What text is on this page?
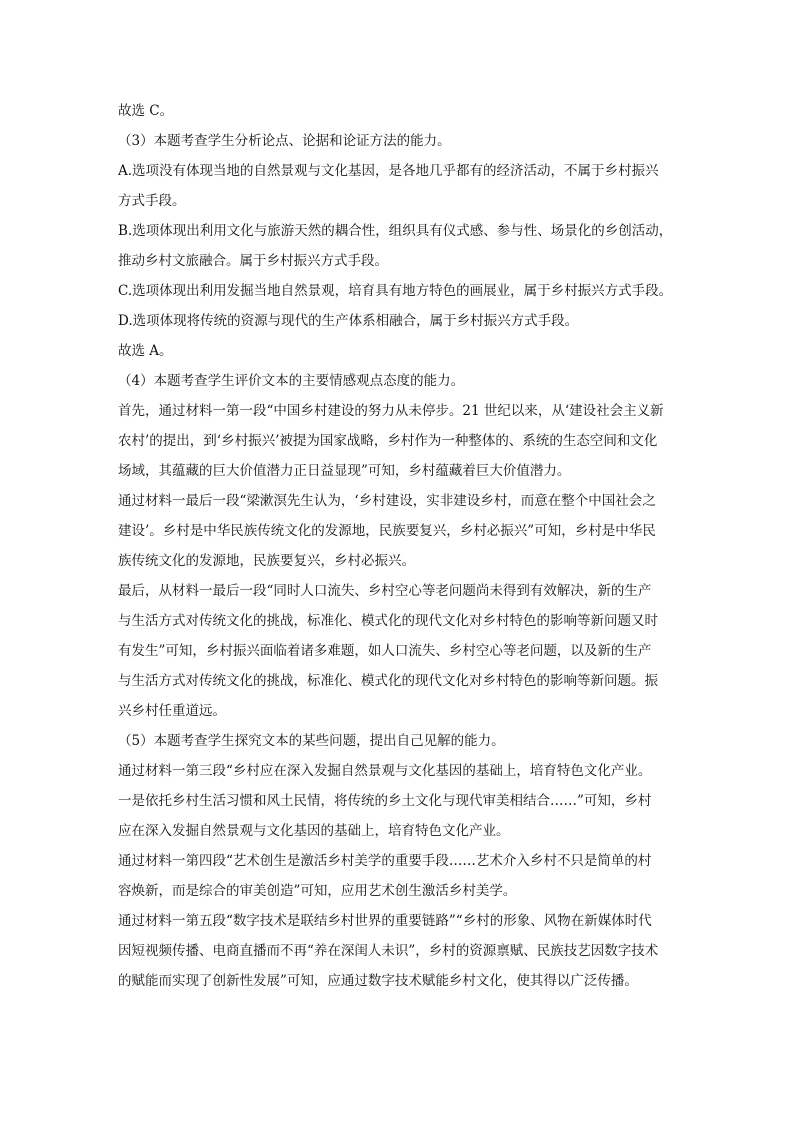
故选 C。
（3）本题考查学生分析论点、论据和论证方法的能力。
A.选项没有体现当地的自然景观与文化基因，是各地几乎都有的经济活动，不属于乡村振兴
方式手段。
B.选项体现出利用文化与旅游天然的耦合性，组织具有仪式感、参与性、场景化的乡创活动，
推动乡村文旅融合。属于乡村振兴方式手段。
C.选项体现出利用发掘当地自然景观，培育具有地方特色的画展业，属于乡村振兴方式手段。
D.选项体现将传统的资源与现代的生产体系相融合，属于乡村振兴方式手段。
故选 A。
（4）本题考查学生评价文本的主要情感观点态度的能力。
首先，通过材料一第一段“中国乡村建设的努力从未停步。21 世纪以来，从‘建设社会主义新
农村’的提出，到‘乡村振兴’被提为国家战略，乡村作为一种整体的、系统的生态空间和文化
场域，其蕴藏的巨大价值潜力正日益显现”可知，乡村蕴藏着巨大价值潜力。
通过材料一最后一段“梁漱溟先生认为，‘乡村建设，实非建设乡村，而意在整个中国社会之
建设’。乡村是中华民族传统文化的发源地，民族要复兴，乡村必振兴”可知，乡村是中华民
族传统文化的发源地，民族要复兴，乡村必振兴。
最后，从材料一最后一段“同时人口流失、乡村空心等老问题尚未得到有效解决，新的生产
与生活方式对传统文化的挑战，标准化、模式化的现代文化对乡村特色的影响等新问题又时
有发生”可知，乡村振兴面临着诸多难题，如人口流失、乡村空心等老问题，以及新的生产
与生活方式对传统文化的挑战，标准化、模式化的现代文化对乡村特色的影响等新问题。振
兴乡村任重道远。
（5）本题考查学生探究文本的某些问题，提出自己见解的能力。
通过材料一第三段“乡村应在深入发掘自然景观与文化基因的基础上，培育特色文化产业。
一是依托乡村生活习惯和风土民情，将传统的乡土文化与现代审美相结合……”可知，乡村
应在深入发掘自然景观与文化基因的基础上，培育特色文化产业。
通过材料一第四段“艺术创生是激活乡村美学的重要手段……艺术介入乡村不只是简单的村
容焕新，而是综合的审美创造”可知，应用艺术创生激活乡村美学。
通过材料一第五段“数字技术是联结乡村世界的重要链路”“乡村的形象、风物在新媒体时代
因短视频传播、电商直播而不再“养在深闺人未识”，乡村的资源禀赋、民族技艺因数字技术
的赋能而实现了创新性发展”可知，应通过数字技术赋能乡村文化，使其得以广泛传播。
